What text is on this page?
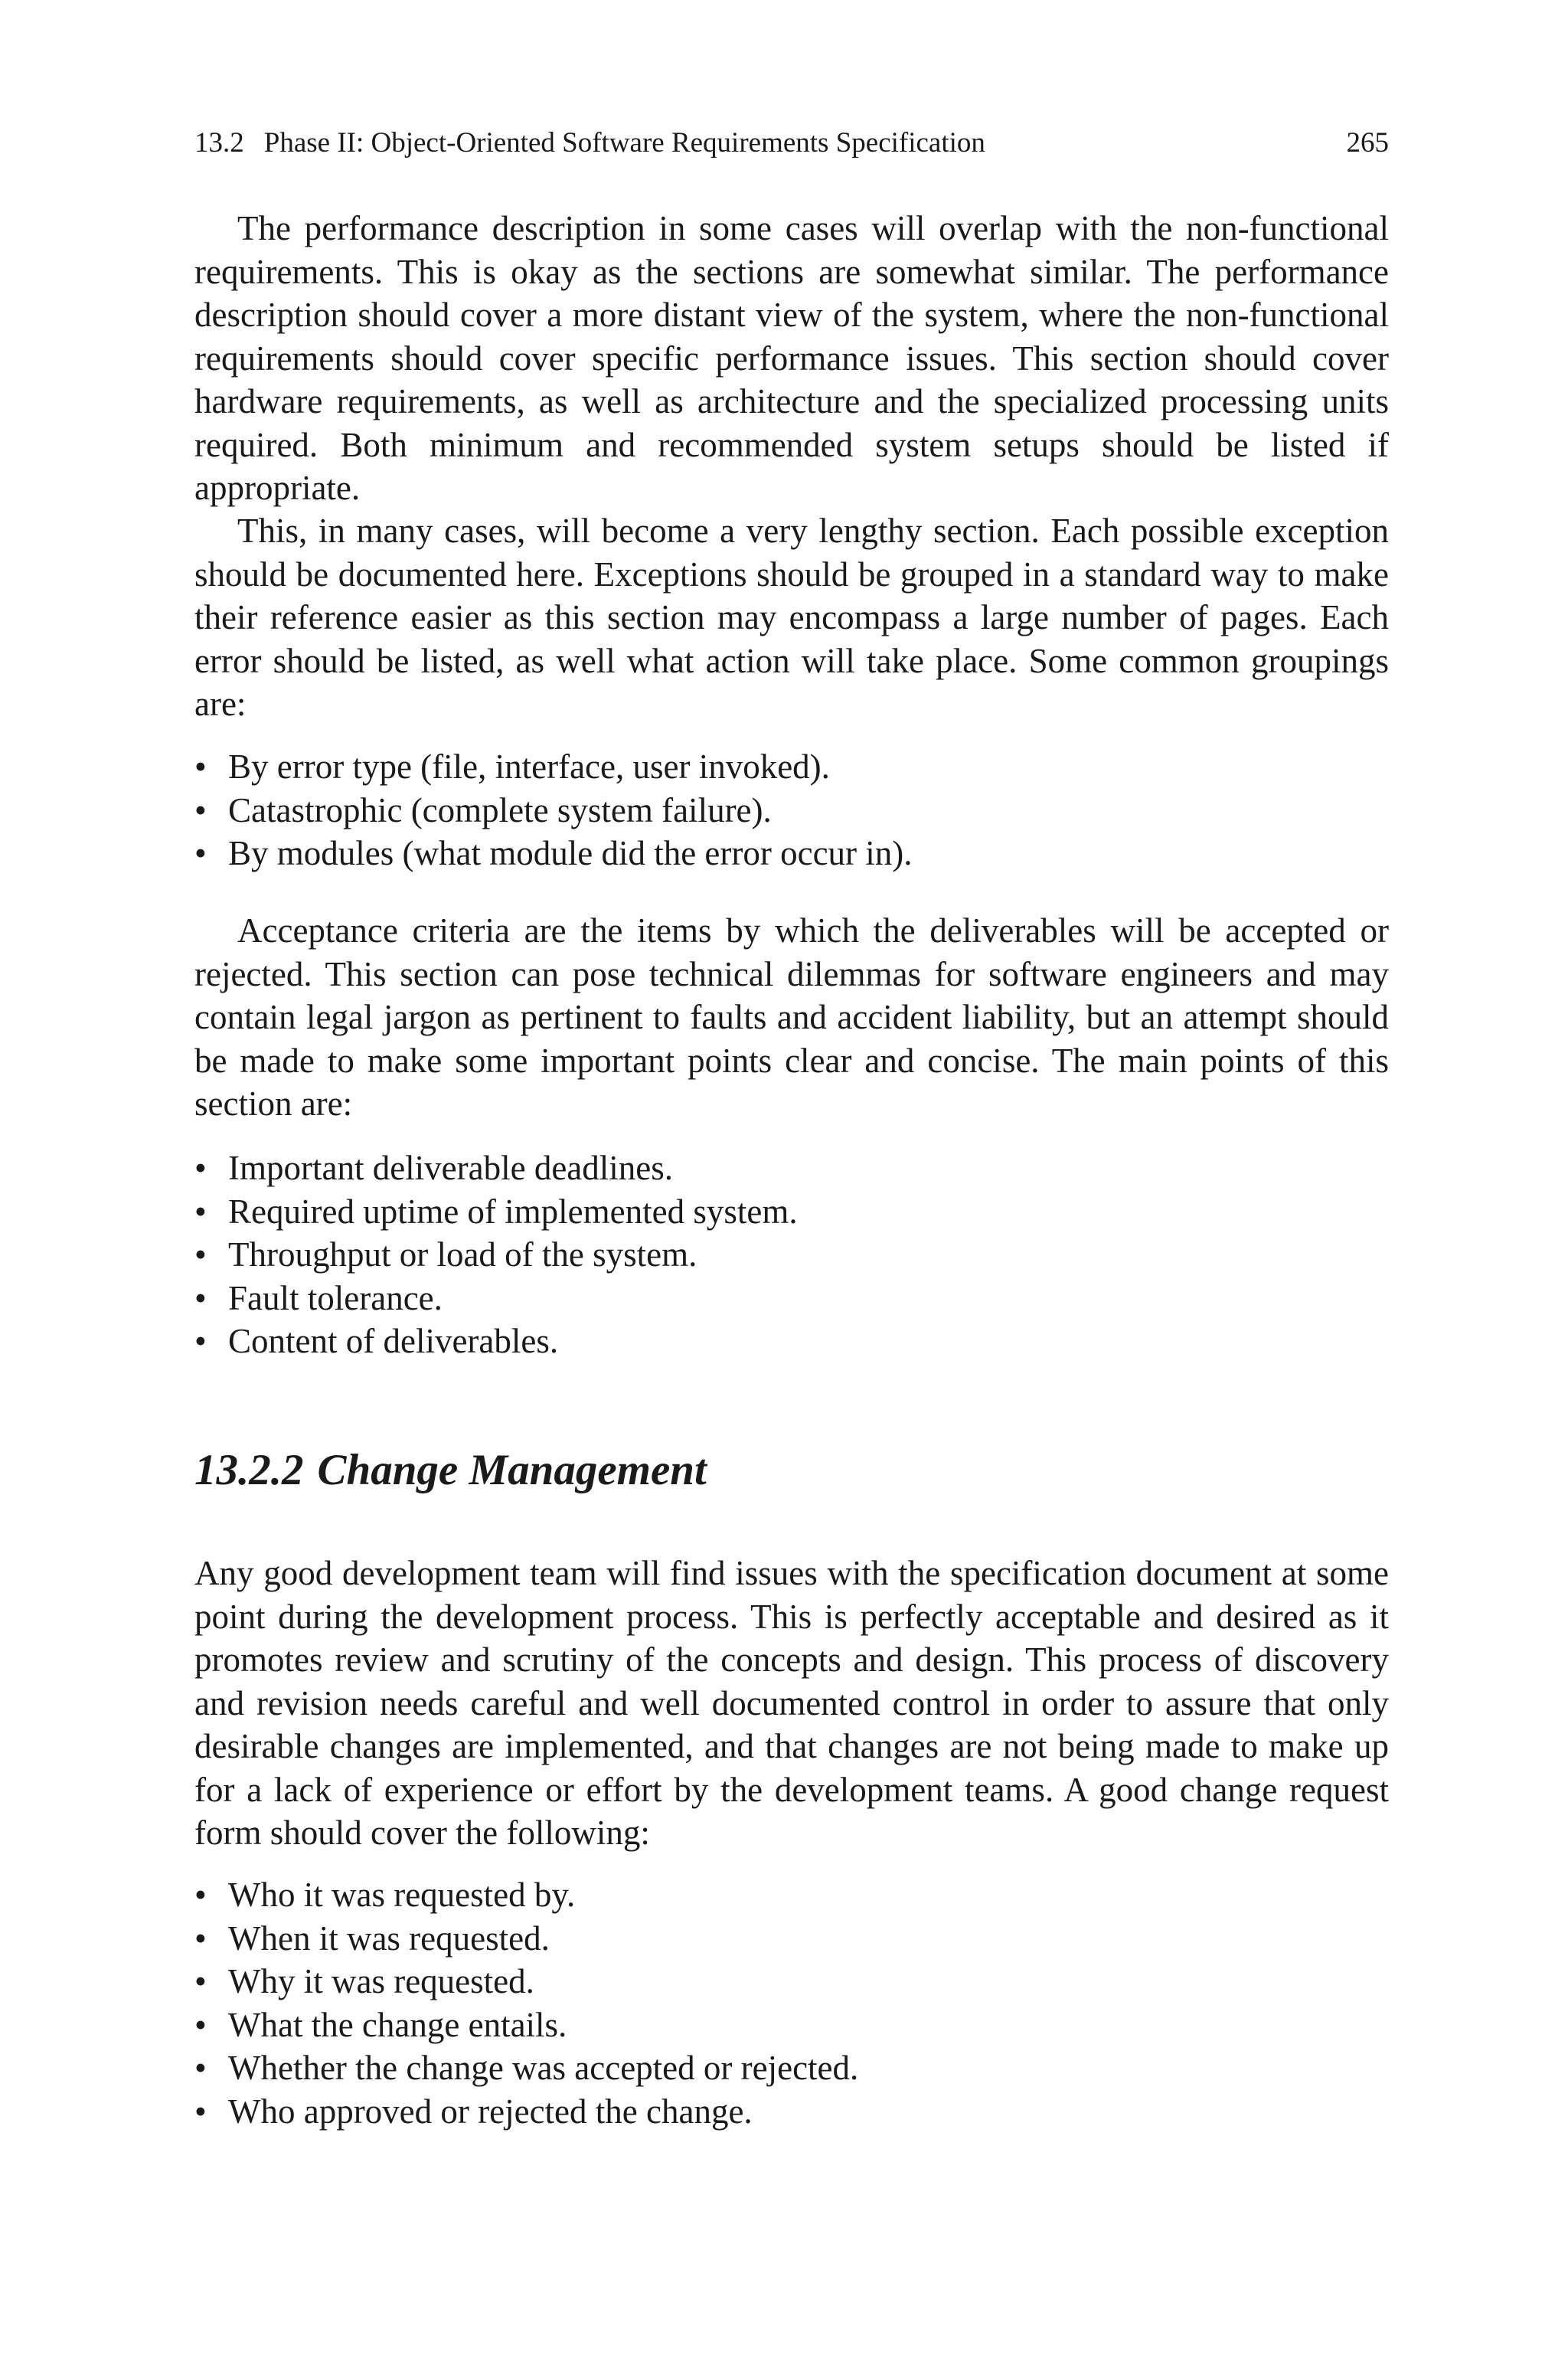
13.2 Phase II: Object-Oriented Software Requirements Specification	265

The performance description in some cases will overlap with the non-functional requirements. This is okay as the sections are somewhat similar. The performance description should cover a more distant view of the system, where the non-functional requirements should cover specific performance issues. This section should cover hardware requirements, as well as architecture and the specialized processing units required. Both minimum and recommended system setups should be listed if appropriate.

This, in many cases, will become a very lengthy section. Each possible exception should be documented here. Exceptions should be grouped in a standard way to make their reference easier as this section may encompass a large number of pages. Each error should be listed, as well what action will take place. Some common groupings are:

• By error type (file, interface, user invoked).
• Catastrophic (complete system failure).
• By modules (what module did the error occur in).

Acceptance criteria are the items by which the deliverables will be accepted or rejected. This section can pose technical dilemmas for software engineers and may contain legal jargon as pertinent to faults and accident liability, but an attempt should be made to make some important points clear and concise. The main points of this section are:

• Important deliverable deadlines.
• Required uptime of implemented system.
• Throughput or load of the system.
• Fault tolerance.
• Content of deliverables.
13.2.2 Change Management

Any good development team will find issues with the specification document at some point during the development process. This is perfectly acceptable and desired as it promotes review and scrutiny of the concepts and design. This process of discovery and revision needs careful and well documented control in order to assure that only desirable changes are implemented, and that changes are not being made to make up for a lack of experience or effort by the development teams. A good change request form should cover the following:

• Who it was requested by.
• When it was requested.
• Why it was requested.
• What the change entails.
• Whether the change was accepted or rejected.
• Who approved or rejected the change.
